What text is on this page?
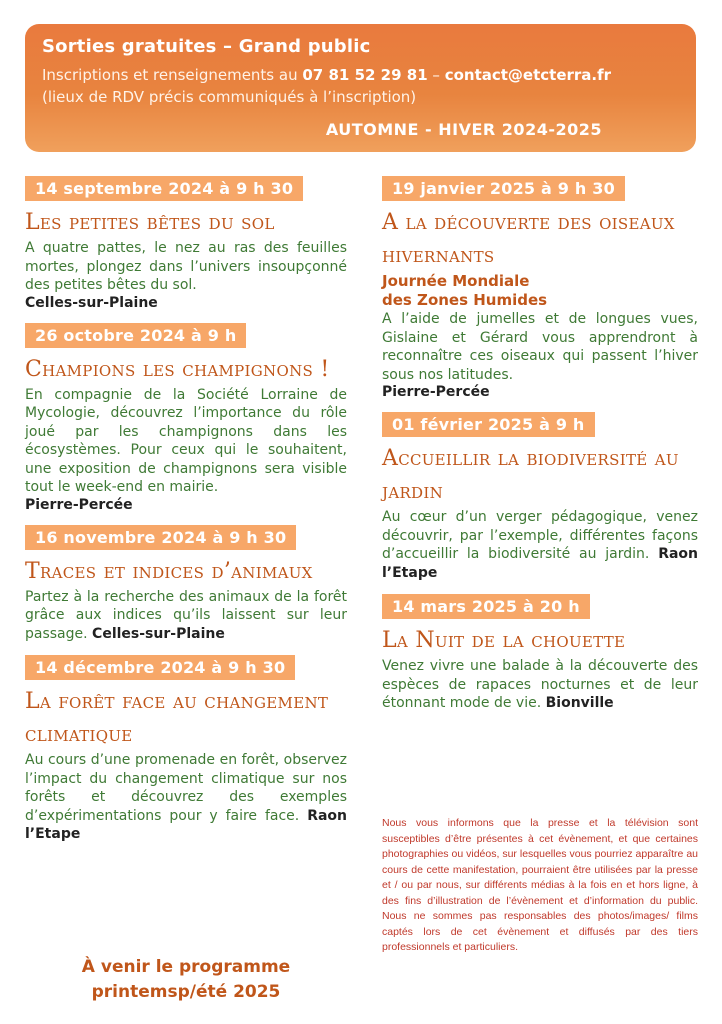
Sorties gratuites – Grand public
Inscriptions et renseignements au 07 81 52 29 81 – contact@etcterra.fr
(lieux de RDV précis communiqués à l’inscription)
AUTOMNE - HIVER 2024-2025
14 septembre 2024 à 9 h 30
Les petites bêtes du sol
A quatre pattes, le nez au ras des feuilles mortes, plongez dans l’univers insoupçonné des petites bêtes du sol.
Celles-sur-Plaine
26 octobre 2024 à 9 h
Champions les champignons !
En compagnie de la Société Lorraine de Mycologie, découvrez l’importance du rôle joué par les champignons dans les écosystèmes. Pour ceux qui le souhaitent, une exposition de champignons sera visible tout le week-end en mairie.
Pierre-Percée
16 novembre 2024 à 9 h 30
Traces et indices d’animaux
Partez à la recherche des animaux de la forêt grâce aux indices qu’ils laissent sur leur passage. Celles-sur-Plaine
14 décembre 2024 à 9 h 30
La forêt face au changement climatique
Au cours d’une promenade en forêt, observez l’impact du changement climatique sur nos forêts et découvrez des exemples d’expérimentations pour y faire face. Raon l’Etape
À venir le programme
printemsp/été 2025
19 janvier 2025 à 9 h 30
A la découverte des oiseaux hivernants
Journée Mondiale
des Zones Humides
A l’aide de jumelles et de longues vues, Gislaine et Gérard vous apprendront à reconnaître ces oiseaux qui passent l’hiver sous nos latitudes.
Pierre-Percée
01 février 2025 à 9 h
Accueillir la biodiversité au jardin
Au cœur d’un verger pédagogique, venez découvrir, par l’exemple, différentes façons d’accueillir la biodiversité au jardin. Raon l’Etape
14 mars 2025 à 20 h
La Nuit de la chouette
Venez vivre une balade à la découverte des espèces de rapaces nocturnes et de leur étonnant mode de vie. Bionville
Nous vous informons que la presse et la télévision sont susceptibles d’être présentes à cet évènement, et que certaines photographies ou vidéos, sur lesquelles vous pourriez apparaître au cours de cette manifestation, pourraient être utilisées par la presse et / ou par nous, sur différents médias à la fois en et hors ligne, à des fins d’illustration de l’évènement et d’information du public. Nous ne sommes pas responsables des photos/images/ films captés lors de cet évènement et diffusés par des tiers professionnels et particuliers.
